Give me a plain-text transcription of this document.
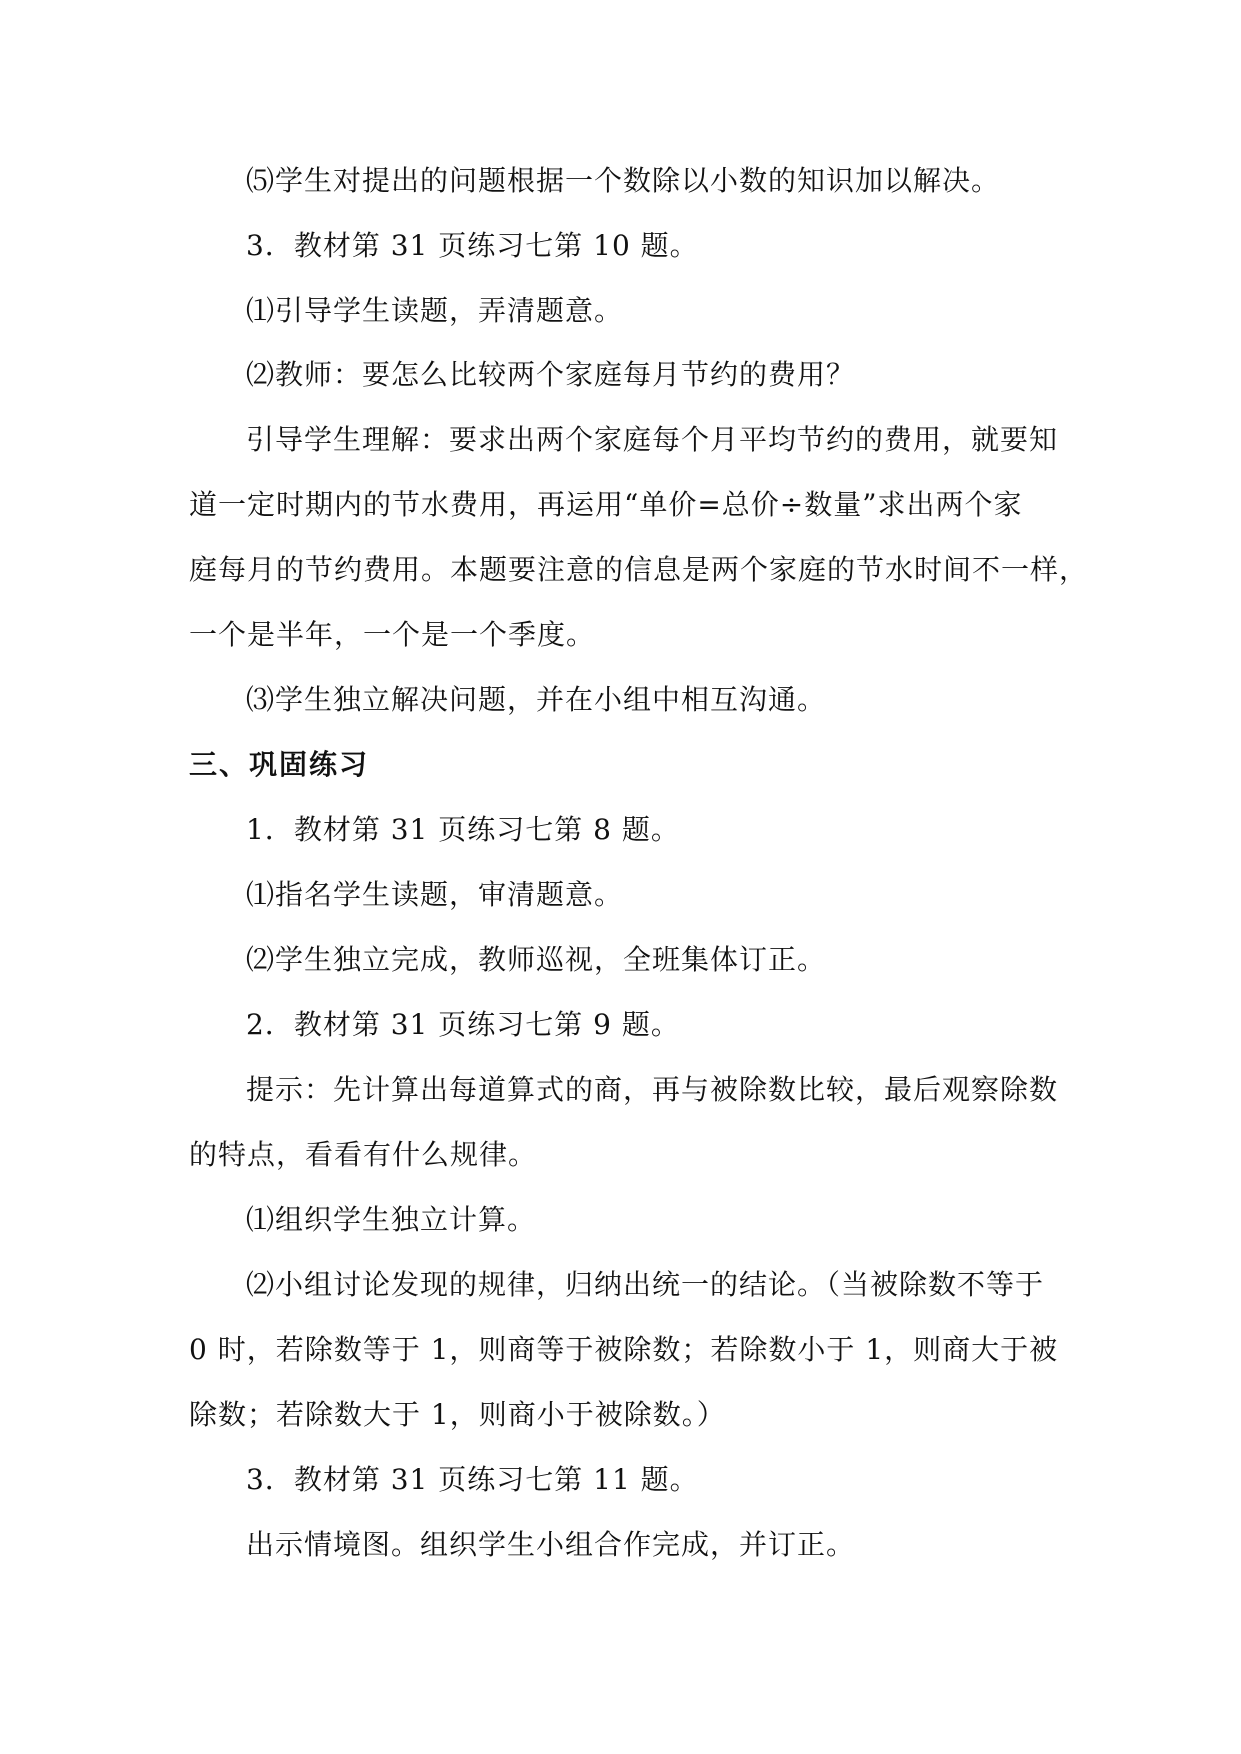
⑸学生对提出的问题根据一个数除以小数的知识加以解决。
3．教材第 31 页练习七第 10 题。
⑴引导学生读题，弄清题意。
⑵教师：要怎么比较两个家庭每月节约的费用？
引导学生理解：要求出两个家庭每个月平均节约的费用，就要知
道一定时期内的节水费用，再运用“单价=总价÷数量”求出两个家
庭每月的节约费用。本题要注意的信息是两个家庭的节水时间不一样，
一个是半年，一个是一个季度。
⑶学生独立解决问题，并在小组中相互沟通。
三、巩固练习
1．教材第 31 页练习七第 8 题。
⑴指名学生读题，审清题意。
⑵学生独立完成，教师巡视，全班集体订正。
2．教材第 31 页练习七第 9 题。
提示：先计算出每道算式的商，再与被除数比较，最后观察除数
的特点，看看有什么规律。
⑴组织学生独立计算。
⑵小组讨论发现的规律，归纳出统一的结论。（当被除数不等于
0 时，若除数等于 1，则商等于被除数；若除数小于 1，则商大于被
除数；若除数大于 1，则商小于被除数。）
3．教材第 31 页练习七第 11 题。
出示情境图。组织学生小组合作完成，并订正。
